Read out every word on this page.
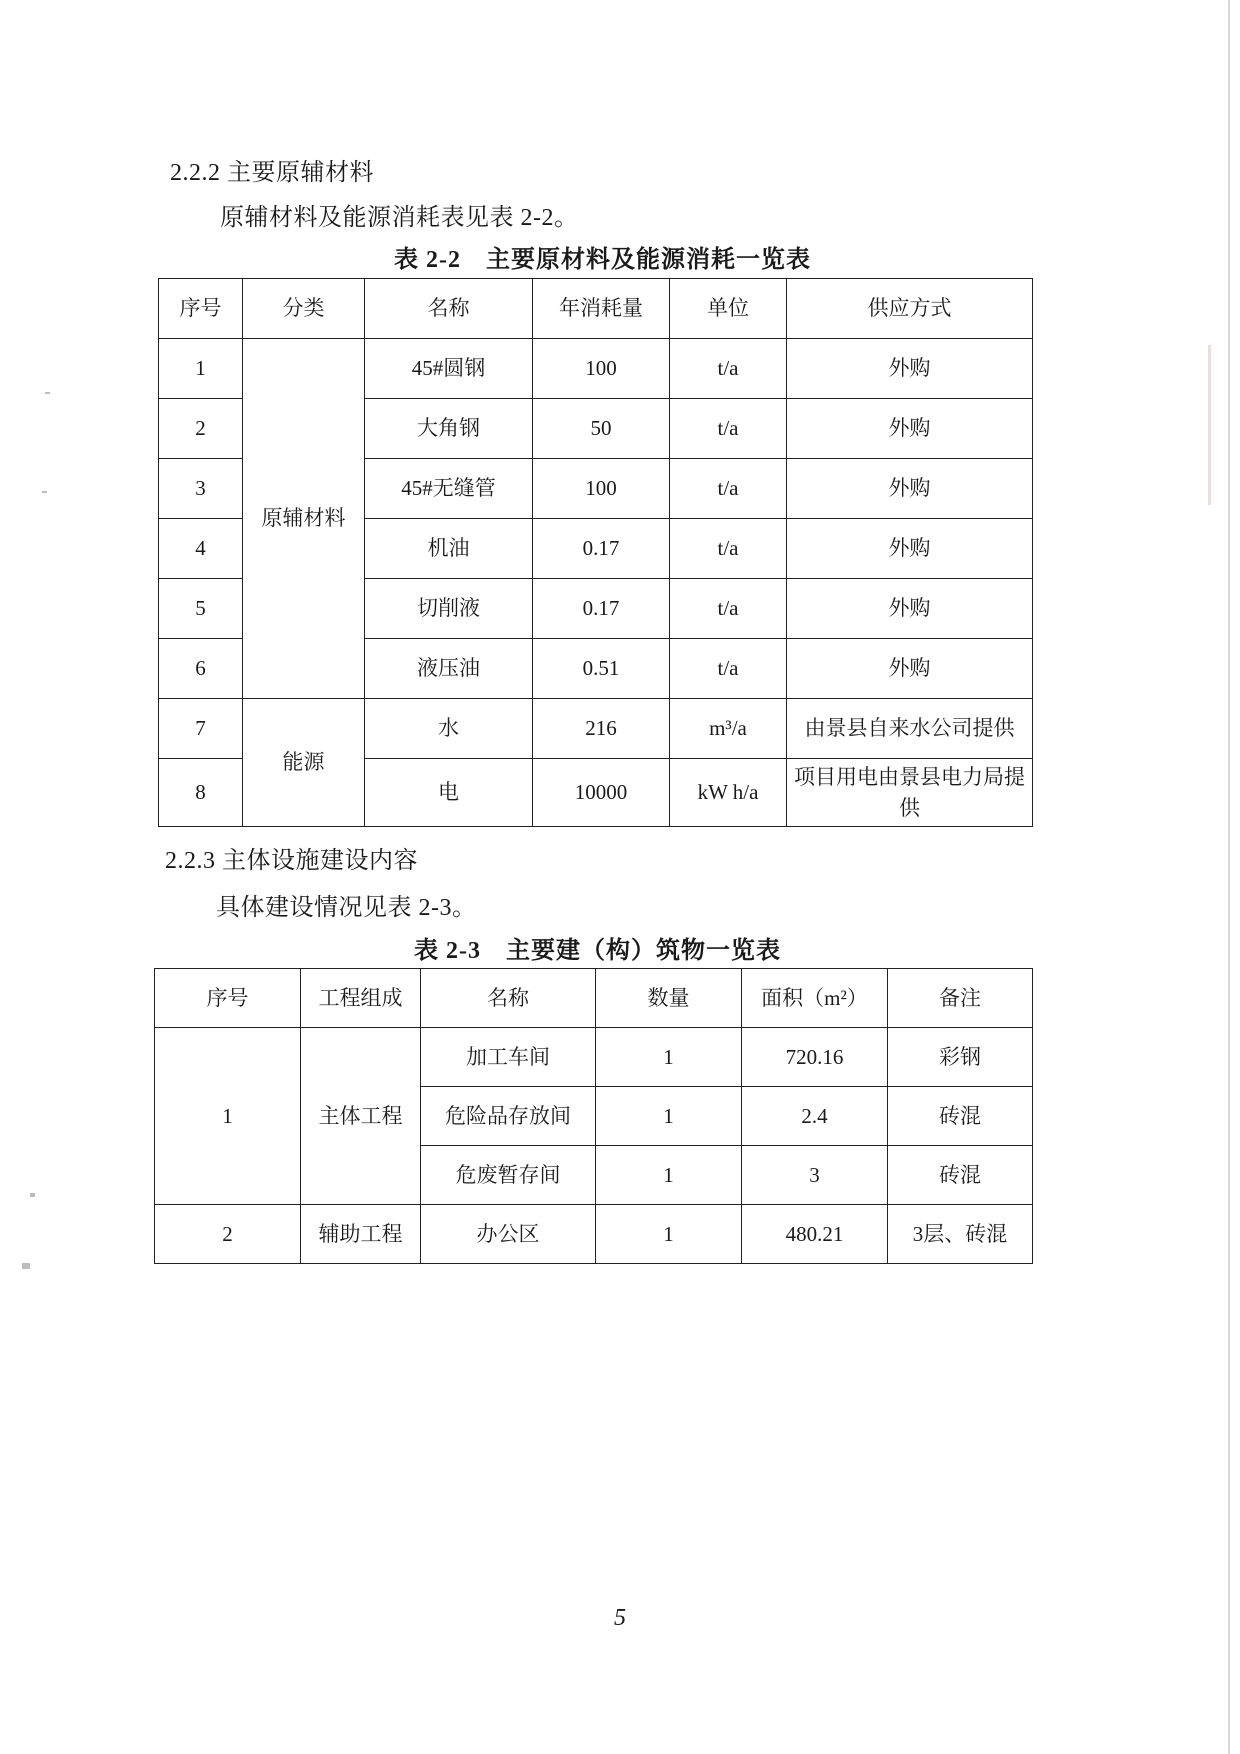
2.2.2 主要原辅材料
原辅材料及能源消耗表见表 2-2。
表 2-2　主要原材料及能源消耗一览表
序号	分类	名称	年消耗量	单位	供应方式
1	原辅材料	45#圆钢	100	t/a	外购
2		大角钢	50	t/a	外购
3		45#无缝管	100	t/a	外购
4		机油	0.17	t/a	外购
5		切削液	0.17	t/a	外购
6		液压油	0.51	t/a	外购
7	能源	水	216	m³/a	由景县自来水公司提供
8		电	10000	kW h/a	项目用电由景县电力局提供
2.2.3 主体设施建设内容
具体建设情况见表 2-3。
表 2-3　主要建（构）筑物一览表
序号	工程组成	名称	数量	面积（m²）	备注
1	主体工程	加工车间	1	720.16	彩钢
		危险品存放间	1	2.4	砖混
		危废暂存间	1	3	砖混
2	辅助工程	办公区	1	480.21	3层、砖混
5
